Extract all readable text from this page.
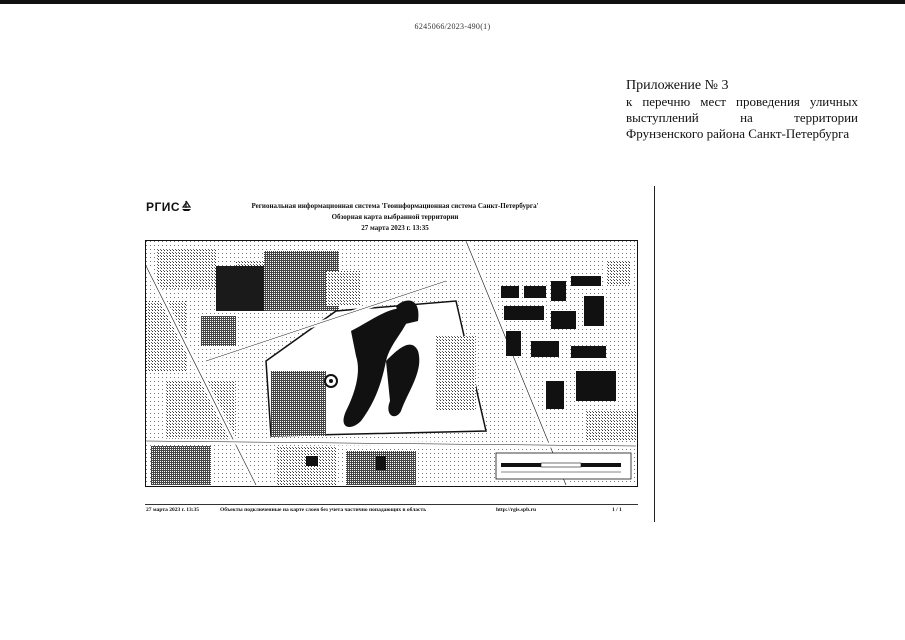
6245066/2023-490(1)
Приложение № 3
к перечню мест проведения уличных
выступлений на территории
Фрунзенского района Санкт-Петербурга
РГИС	Региональная информационная система 'Геоинформационная система Санкт-Петербурга'
Обзорная карта выбранной территории
27 марта 2023 г. 13:35
27 марта 2023 г. 13:35	Объекты подключенные на карте слоев без учета частично попадающих в область	http://rgis.spb.ru	1 / 1
